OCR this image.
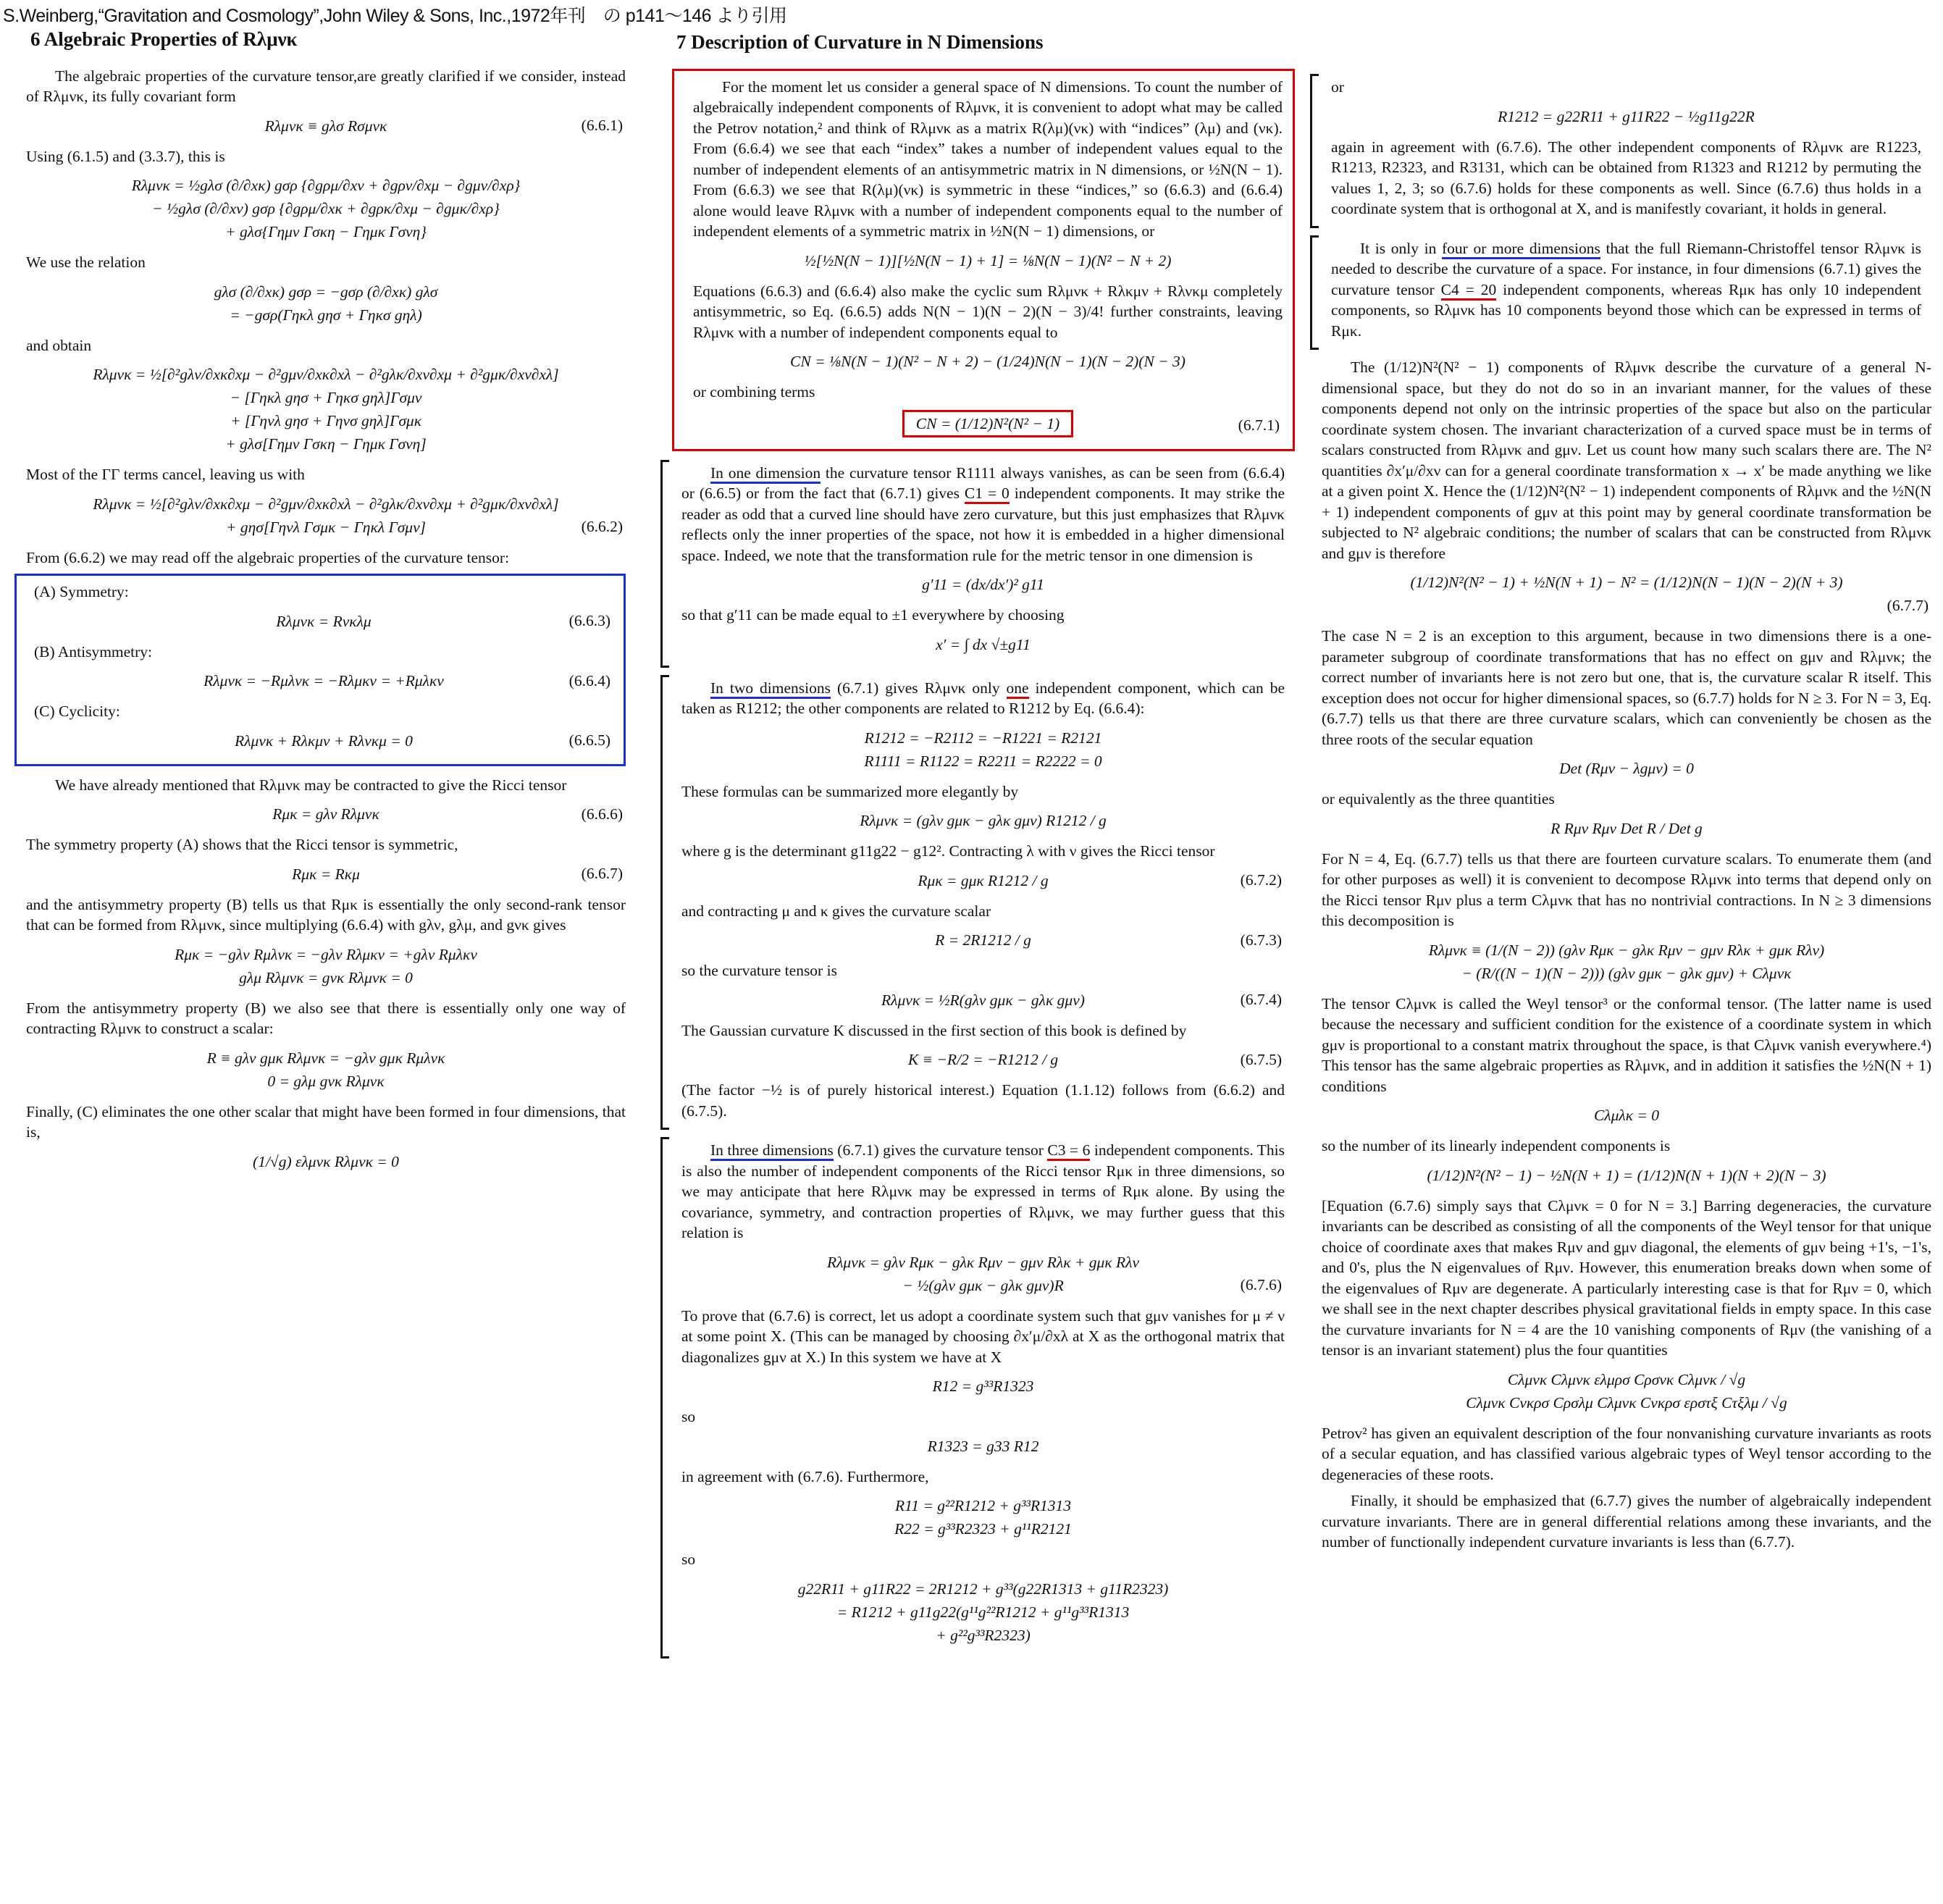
S.Weinberg,“Gravitation and Cosmology”,John Wiley & Sons, Inc.,1972年刊　の p141〜146 より引用
6 Algebraic Properties of Rλμνκ
The algebraic properties of the curvature tensor,are greatly clarified if we consider, instead of Rλμνκ, its fully covariant form
Rλμνκ ≡ gλσ Rσμνκ	(6.6.1)
Using (6.1.5) and (3.3.7), this is
Rλμνκ = ½gλσ (∂/∂xκ) gσρ {∂gρμ/∂xν + ∂gρν/∂xμ − ∂gμν/∂xρ}
− ½gλσ (∂/∂xν) gσρ {∂gρμ/∂xκ + ∂gρκ/∂xμ − ∂gμκ/∂xρ}
+ gλσ{Γημν Γσκη − Γημκ Γσνη}
We use the relation
gλσ (∂/∂xκ) gσρ = −gσρ (∂/∂xκ) gλσ
= −gσρ(Γηκλ gησ + Γηκσ gηλ)
and obtain
Rλμνκ = ½[∂²gλν/∂xκ∂xμ − ∂²gμν/∂xκ∂xλ − ∂²gλκ/∂xν∂xμ + ∂²gμκ/∂xν∂xλ]
− [Γηκλ gησ + Γηκσ gηλ]Γσμν
+ [Γηνλ gησ + Γηνσ gηλ]Γσμκ
+ gλσ[Γημν Γσκη − Γημκ Γσνη]
Most of the ΓΓ terms cancel, leaving us with
Rλμνκ = ½[∂²gλν/∂xκ∂xμ − ∂²gμν/∂xκ∂xλ − ∂²gλκ/∂xν∂xμ + ∂²gμκ/∂xν∂xλ]
+ gησ[Γηνλ Γσμκ − Γηκλ Γσμν]	(6.6.2)
From (6.6.2) we may read off the algebraic properties of the curvature tensor:
(A) Symmetry:
Rλμνκ = Rνκλμ	(6.6.3)
(B) Antisymmetry:
Rλμνκ = −Rμλνκ = −Rλμκν = +Rμλκν	(6.6.4)
(C) Cyclicity:
Rλμνκ + Rλκμν + Rλνκμ = 0	(6.6.5)
We have already mentioned that Rλμνκ may be contracted to give the Ricci tensor
Rμκ = gλν Rλμνκ	(6.6.6)
The symmetry property (A) shows that the Ricci tensor is symmetric,
Rμκ = Rκμ	(6.6.7)
and the antisymmetry property (B) tells us that Rμκ is essentially the only second-rank tensor that can be formed from Rλμνκ, since multiplying (6.6.4) with gλν, gλμ, and gνκ gives
Rμκ = −gλν Rμλνκ = −gλν Rλμκν = +gλν Rμλκν
gλμ Rλμνκ = gνκ Rλμνκ = 0
From the antisymmetry property (B) we also see that there is essentially only one way of contracting Rλμνκ to construct a scalar:
R ≡ gλν gμκ Rλμνκ = −gλν gμκ Rμλνκ
0 = gλμ gνκ Rλμνκ
Finally, (C) eliminates the one other scalar that might have been formed in four dimensions, that is,
(1/√g) ελμνκ Rλμνκ = 0
7 Description of Curvature in N Dimensions
For the moment let us consider a general space of N dimensions. To count the number of algebraically independent components of Rλμνκ, it is convenient to adopt what may be called the Petrov notation,² and think of Rλμνκ as a matrix R(λμ)(νκ) with “indices” (λμ) and (νκ). From (6.6.4) we see that each “index” takes a number of independent values equal to the number of independent elements of an antisymmetric matrix in N dimensions, or ½N(N − 1). From (6.6.3) we see that R(λμ)(νκ) is symmetric in these “indices,” so (6.6.3) and (6.6.4) alone would leave Rλμνκ with a number of independent components equal to the number of independent elements of a symmetric matrix in ½N(N − 1) dimensions, or
½[½N(N − 1)][½N(N − 1) + 1] = ⅛N(N − 1)(N² − N + 2)
Equations (6.6.3) and (6.6.4) also make the cyclic sum Rλμνκ + Rλκμν + Rλνκμ completely antisymmetric, so Eq. (6.6.5) adds N(N − 1)(N − 2)(N − 3)/4! further constraints, leaving Rλμνκ with a number of independent components equal to
CN = ⅛N(N − 1)(N² − N + 2) − (1/24)N(N − 1)(N − 2)(N − 3)
or combining terms
CN = (1/12)N²(N² − 1)	(6.7.1)
In one dimension the curvature tensor R1111 always vanishes, as can be seen from (6.6.4) or (6.6.5) or from the fact that (6.7.1) gives C1 = 0 independent components. It may strike the reader as odd that a curved line should have zero curvature, but this just emphasizes that Rλμνκ reflects only the inner properties of the space, not how it is embedded in a higher dimensional space. Indeed, we note that the transformation rule for the metric tensor in one dimension is
g′11 = (dx/dx′)² g11
so that g′11 can be made equal to ±1 everywhere by choosing
x′ = ∫ dx √±g11
In two dimensions (6.7.1) gives Rλμνκ only one independent component, which can be taken as R1212; the other components are related to R1212 by Eq. (6.6.4):
R1212 = −R2112 = −R1221 = R2121
R1111 = R1122 = R2211 = R2222 = 0
These formulas can be summarized more elegantly by
Rλμνκ = (gλν gμκ − gλκ gμν) R1212 / g
where g is the determinant g11g22 − g12². Contracting λ with ν gives the Ricci tensor
Rμκ = gμκ R1212 / g	(6.7.2)
and contracting μ and κ gives the curvature scalar
R = 2R1212 / g	(6.7.3)
so the curvature tensor is
Rλμνκ = ½R(gλν gμκ − gλκ gμν)	(6.7.4)
The Gaussian curvature K discussed in the first section of this book is defined by
K ≡ −R/2 = −R1212 / g	(6.7.5)
(The factor −½ is of purely historical interest.) Equation (1.1.12) follows from (6.6.2) and (6.7.5).
In three dimensions (6.7.1) gives the curvature tensor C3 = 6 independent components. This is also the number of independent components of the Ricci tensor Rμκ in three dimensions, so we may anticipate that here Rλμνκ may be expressed in terms of Rμκ alone. By using the covariance, symmetry, and contraction properties of Rλμνκ, we may further guess that this relation is
Rλμνκ = gλν Rμκ − gλκ Rμν − gμν Rλκ + gμκ Rλν
− ½(gλν gμκ − gλκ gμν)R	(6.7.6)
To prove that (6.7.6) is correct, let us adopt a coordinate system such that gμν vanishes for μ ≠ ν at some point X. (This can be managed by choosing ∂x′μ/∂xλ at X as the orthogonal matrix that diagonalizes gμν at X.) In this system we have at X
R12 = g³³R1323
so
R1323 = g33 R12
in agreement with (6.7.6). Furthermore,
R11 = g²²R1212 + g³³R1313
R22 = g³³R2323 + g¹¹R2121
so
g22R11 + g11R22 = 2R1212 + g³³(g22R1313 + g11R2323)
= R1212 + g11g22(g¹¹g²²R1212 + g¹¹g³³R1313
+ g²²g³³R2323)
or
R1212 = g22R11 + g11R22 − ½g11g22R
again in agreement with (6.7.6). The other independent components of Rλμνκ are R1223, R1213, R2323, and R3131, which can be obtained from R1323 and R1212 by permuting the values 1, 2, 3; so (6.7.6) holds for these components as well. Since (6.7.6) thus holds in a coordinate system that is orthogonal at X, and is manifestly covariant, it holds in general.
It is only in four or more dimensions that the full Riemann-Christoffel tensor Rλμνκ is needed to describe the curvature of a space. For instance, in four dimensions (6.7.1) gives the curvature tensor C4 = 20 independent components, whereas Rμκ has only 10 independent components, so Rλμνκ has 10 components beyond those which can be expressed in terms of Rμκ.
The (1/12)N²(N² − 1) components of Rλμνκ describe the curvature of a general N-dimensional space, but they do not do so in an invariant manner, for the values of these components depend not only on the intrinsic properties of the space but also on the particular coordinate system chosen. The invariant characterization of a curved space must be in terms of scalars constructed from Rλμνκ and gμν. Let us count how many such scalars there are. The N² quantities ∂x′μ/∂xν can for a general coordinate transformation x → x′ be made anything we like at a given point X. Hence the (1/12)N²(N² − 1) independent components of Rλμνκ and the ½N(N + 1) independent components of gμν at this point may by general coordinate transformation be subjected to N² algebraic conditions; the number of scalars that can be constructed from Rλμνκ and gμν is therefore
(1/12)N²(N² − 1) + ½N(N + 1) − N² = (1/12)N(N − 1)(N − 2)(N + 3)
(6.7.7)
The case N = 2 is an exception to this argument, because in two dimensions there is a one-parameter subgroup of coordinate transformations that has no effect on gμν and Rλμνκ; the correct number of invariants here is not zero but one, that is, the curvature scalar R itself. This exception does not occur for higher dimensional spaces, so (6.7.7) holds for N ≥ 3. For N = 3, Eq. (6.7.7) tells us that there are three curvature scalars, which can conveniently be chosen as the three roots of the secular equation
Det (Rμν − λgμν) = 0
or equivalently as the three quantities
R Rμν Rμν Det R / Det g
For N = 4, Eq. (6.7.7) tells us that there are fourteen curvature scalars. To enumerate them (and for other purposes as well) it is convenient to decompose Rλμνκ into terms that depend only on the Ricci tensor Rμν plus a term Cλμνκ that has no nontrivial contractions. In N ≥ 3 dimensions this decomposition is
Rλμνκ ≡ (1/(N − 2)) (gλν Rμκ − gλκ Rμν − gμν Rλκ + gμκ Rλν)
− (R/((N − 1)(N − 2))) (gλν gμκ − gλκ gμν) + Cλμνκ
The tensor Cλμνκ is called the Weyl tensor³ or the conformal tensor. (The latter name is used because the necessary and sufficient condition for the existence of a coordinate system in which gμν is proportional to a constant matrix throughout the space, is that Cλμνκ vanish everywhere.⁴) This tensor has the same algebraic properties as Rλμνκ, and in addition it satisfies the ½N(N + 1) conditions
Cλμλκ = 0
so the number of its linearly independent components is
(1/12)N²(N² − 1) − ½N(N + 1) = (1/12)N(N + 1)(N + 2)(N − 3)
[Equation (6.7.6) simply says that Cλμνκ = 0 for N = 3.] Barring degeneracies, the curvature invariants can be described as consisting of all the components of the Weyl tensor for that unique choice of coordinate axes that makes Rμν and gμν diagonal, the elements of gμν being +1's, −1's, and 0's, plus the N eigenvalues of Rμν. However, this enumeration breaks down when some of the eigenvalues of Rμν are degenerate. A particularly interesting case is that for Rμν = 0, which we shall see in the next chapter describes physical gravitational fields in empty space. In this case the curvature invariants for N = 4 are the 10 vanishing components of Rμν (the vanishing of a tensor is an invariant statement) plus the four quantities
Cλμνκ Cλμνκ ελμρσ Cρσνκ Cλμνκ / √g
Cλμνκ Cνκρσ Cρσλμ Cλμνκ Cνκρσ ερστξ Cτξλμ / √g
Petrov² has given an equivalent description of the four nonvanishing curvature invariants as roots of a secular equation, and has classified various algebraic types of Weyl tensor according to the degeneracies of these roots.
Finally, it should be emphasized that (6.7.7) gives the number of algebraically independent curvature invariants. There are in general differential relations among these invariants, and the number of functionally independent curvature invariants is less than (6.7.7).
